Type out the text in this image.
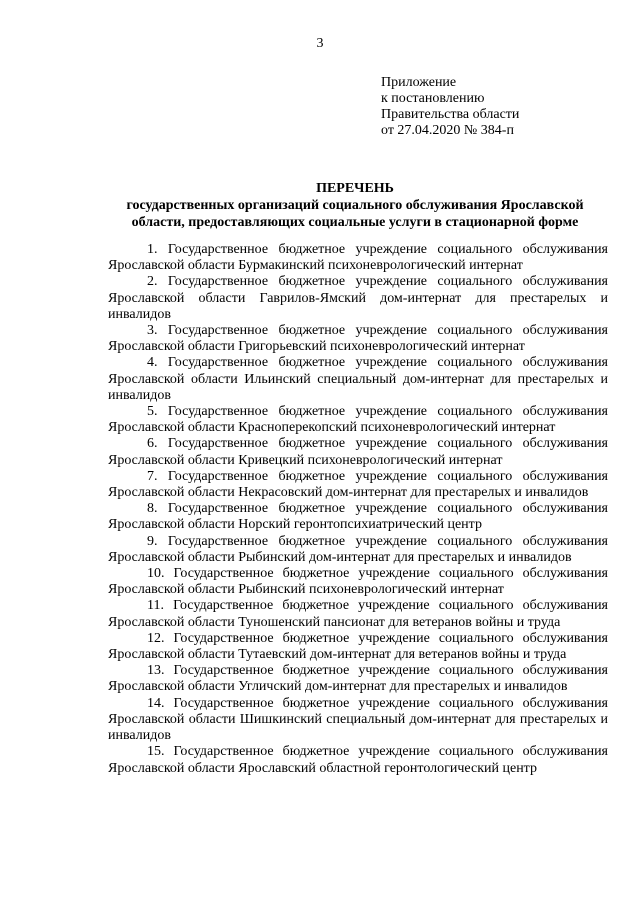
3
Приложение
к постановлению
Правительства области
от 27.04.2020 № 384-п
ПЕРЕЧЕНЬ
государственных организаций социального обслуживания Ярославской
области, предоставляющих социальные услуги в стационарной форме

1. Государственное бюджетное учреждение социального обслуживания Ярославской области Бурмакинский психоневрологический интернат

2. Государственное бюджетное учреждение социального обслуживания Ярославской области Гаврилов-Ямский дом-интернат для престарелых и инвалидов

3. Государственное бюджетное учреждение социального обслуживания Ярославской области Григорьевский психоневрологический интернат

4. Государственное бюджетное учреждение социального обслуживания Ярославской области Ильинский специальный дом-интернат для престарелых и инвалидов

5. Государственное бюджетное учреждение социального обслуживания Ярославской области Красноперекопский психоневрологический интернат

6. Государственное бюджетное учреждение социального обслуживания Ярославской области Кривецкий психоневрологический интернат

7. Государственное бюджетное учреждение социального обслуживания Ярославской области Некрасовский дом-интернат для престарелых и инвалидов

8. Государственное бюджетное учреждение социального обслуживания Ярославской области Норский геронтопсихиатрический центр

9. Государственное бюджетное учреждение социального обслуживания Ярославской области Рыбинский дом-интернат для престарелых и инвалидов

10. Государственное бюджетное учреждение социального обслуживания Ярославской области Рыбинский психоневрологический интернат

11. Государственное бюджетное учреждение социального обслуживания Ярославской области Туношенский пансионат для ветеранов войны и труда

12. Государственное бюджетное учреждение социального обслуживания Ярославской области Тутаевский дом-интернат для ветеранов войны и труда

13. Государственное бюджетное учреждение социального обслуживания Ярославской области Угличский дом-интернат для престарелых и инвалидов

14. Государственное бюджетное учреждение социального обслуживания Ярославской области Шишкинский специальный дом-интернат для престарелых и инвалидов

15. Государственное бюджетное учреждение социального обслуживания Ярославской области Ярославский областной геронтологический центр
